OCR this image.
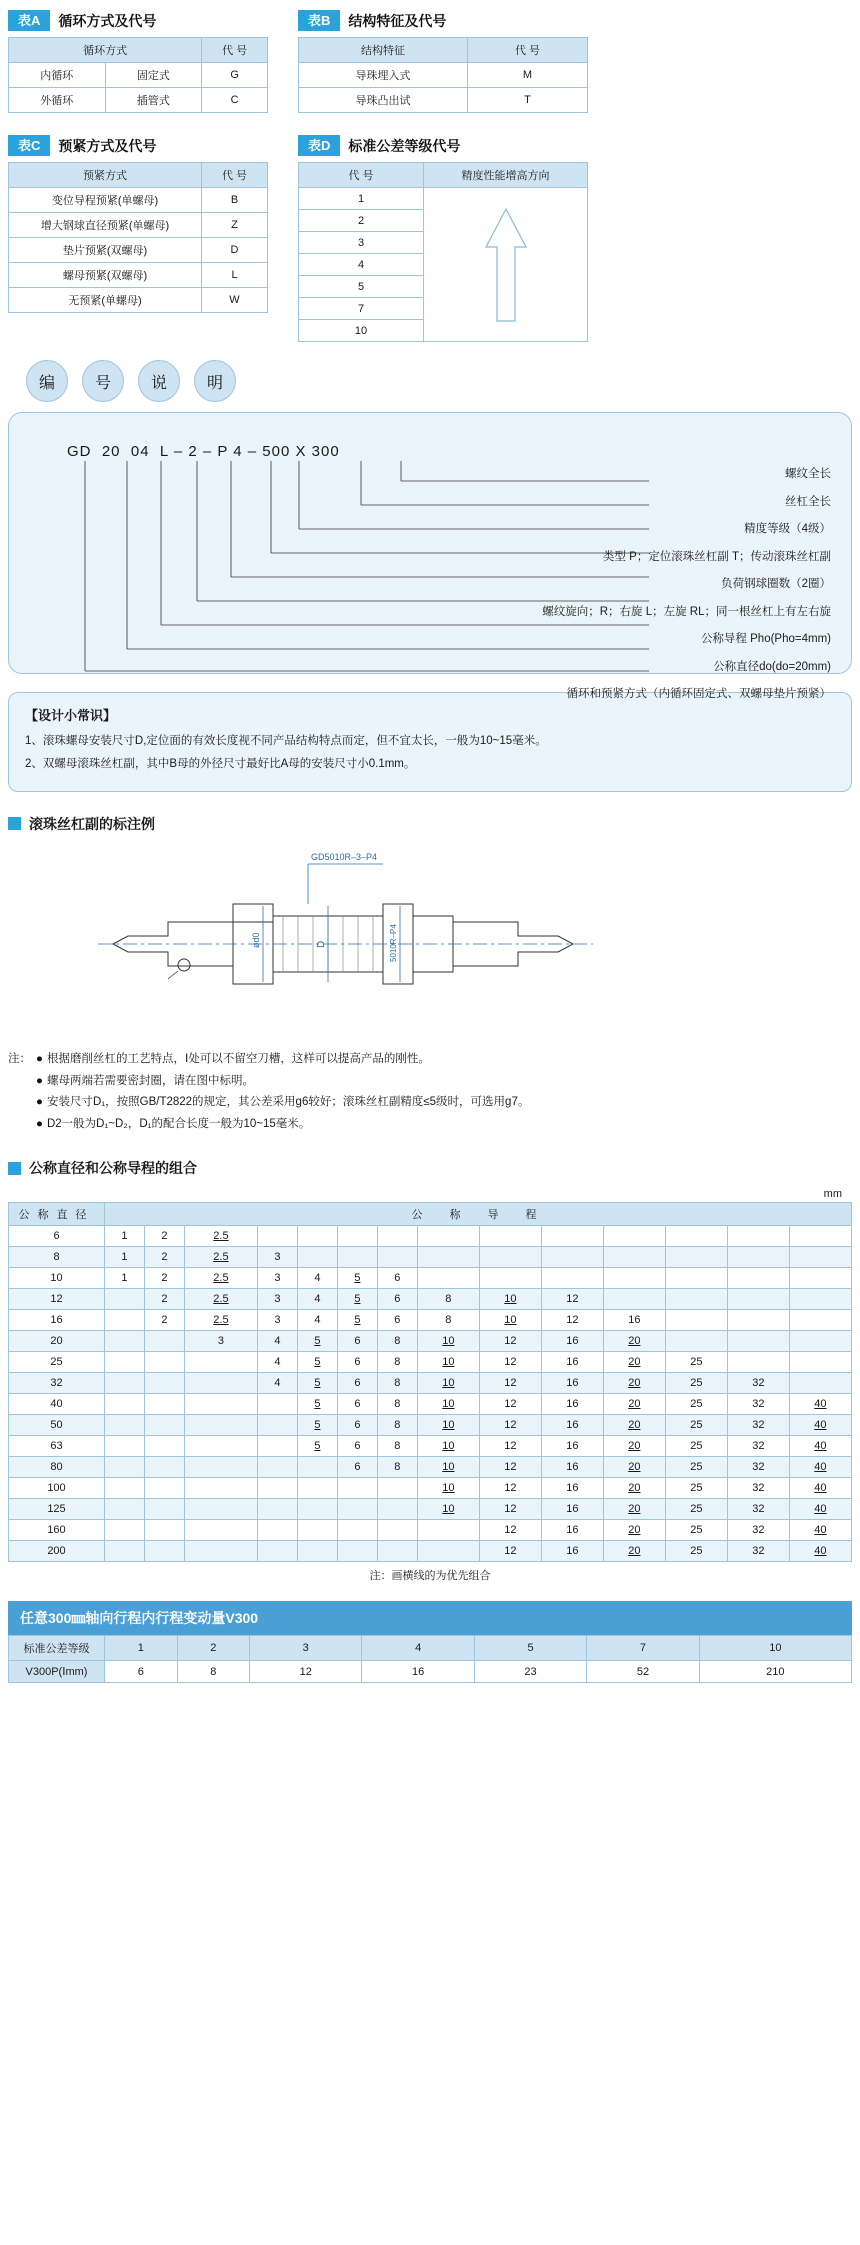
表A	循环方式及代号
循环方式		代 号
内循环	固定式	G
外循环	插管式	C
表B	结构特征及代号
结构特征	代 号
导珠埋入式	M
导珠凸出试	T
表C	预紧方式及代号
预紧方式	代 号
变位导程预紧(单螺母)	B
增大钢球直径预紧(单螺母)	Z
垫片预紧(双螺母)	D
螺母预紧(双螺母)	L
无预紧(单螺母)	W
表D	标准公差等级代号
代 号	精度性能增高方向
1	

2	
3	
4	
5	
7	
10	
编	号	说	明
GD  20  04  L – 2 – P 4 – 500 X 300
螺纹全长
丝杠全长
精度等级（4级）
类型 P；定位滚珠丝杠副 T；传动滚珠丝杠副
负荷钢球圈数（2圈）
螺纹旋向；R；右旋 L；左旋 RL；同一根丝杠上有左右旋
公称导程 Pho(Pho=4mm)
公称直径do(do=20mm)
循环和预紧方式（内循环固定式、双螺母垫片预紧）
【设计小常识】

1、滚珠螺母安装尺寸D,定位面的有效长度视不同产品结构特点而定，但不宜太长，一般为10~15毫米。

2、双螺母滚珠丝杠副，其中B母的外径尺寸最好比A母的安装尺寸小0.1mm。

滚珠丝杠副的标注例
GD5010R–3–P4
ød0	D	5010R–P4
注： ● 根据磨削丝杠的工艺特点，Ⅰ处可以不留空刀槽，这样可以提高产品的刚性。
● 螺母两端若需要密封圈，请在图中标明。
● 安装尺寸D₁，按照GB/T2822的规定，其公差采用g6较好；滚珠丝杠副精度≤5级时，可选用g7。
● D2一般为D₁~D₂，D₁的配合长度一般为10~15毫米。
公称直径和公称导程的组合
mm
公称直径	公　称　导　程													
6	1	2	2.5											
8	1	2	2.5	3										
10	1	2	2.5	3	4	5	6							
12		2	2.5	3	4	5	6	8	10	12				
16		2	2.5	3	4	5	6	8	10	12	16			
20			3	4	5	6	8	10	12	16	20			
25				4	5	6	8	10	12	16	20	25		
32				4	5	6	8	10	12	16	20	25	32	
40					5	6	8	10	12	16	20	25	32	40
50					5	6	8	10	12	16	20	25	32	40
63					5	6	8	10	12	16	20	25	32	40
80						6	8	10	12	16	20	25	32	40
100								10	12	16	20	25	32	40
125								10	12	16	20	25	32	40
160									12	16	20	25	32	40
200									12	16	20	25	32	40
注：画横线的为优先组合
任意300㎜轴向行程内行程变动量V300
标准公差等级	1	2	3	4	5	7	10
V300P(Ⅰmm)	6	8	12	16	23	52	210
